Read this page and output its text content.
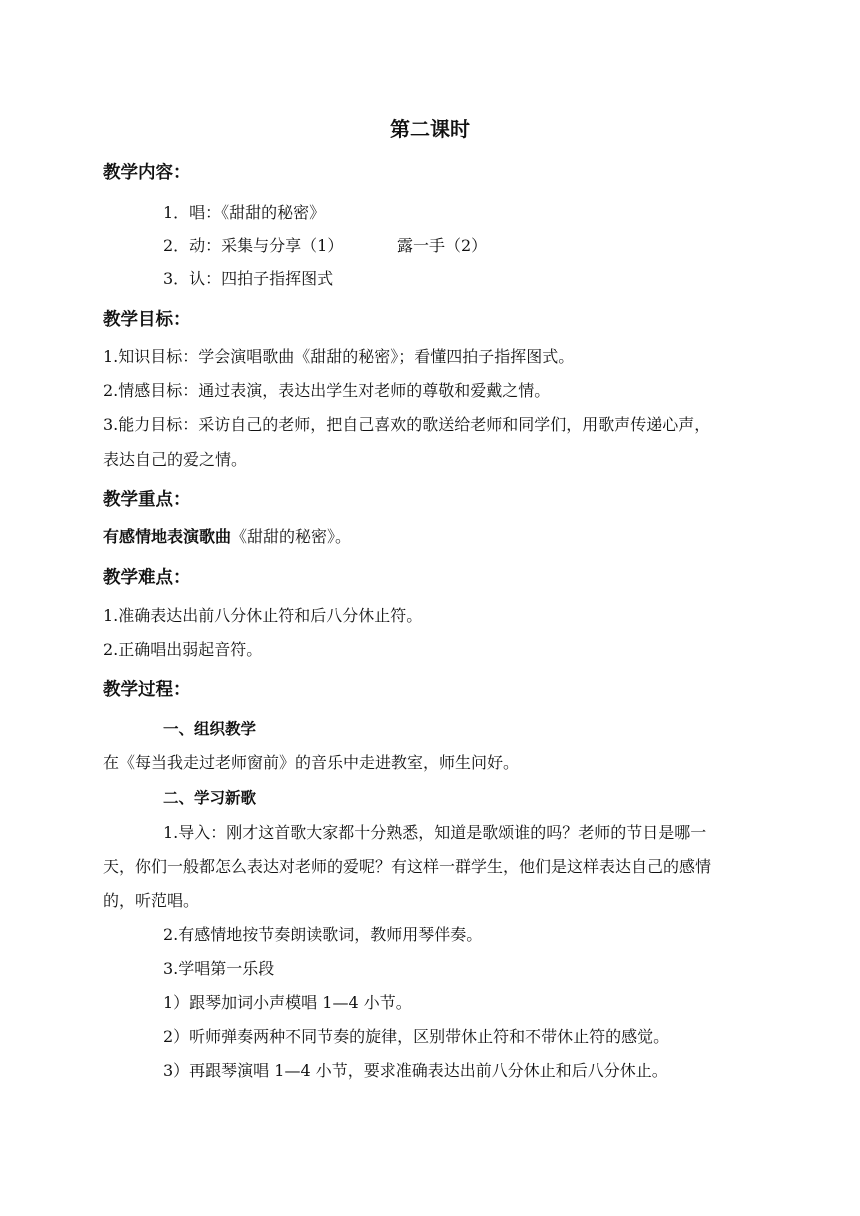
第二课时
教学内容：
1．唱：《甜甜的秘密》
2．动：采集与分享（1）	露一手（2）
3．认：四拍子指挥图式
教学目标：
1.知识目标：学会演唱歌曲《甜甜的秘密》；看懂四拍子指挥图式。
2.情感目标：通过表演，表达出学生对老师的尊敬和爱戴之情。
3.能力目标：采访自己的老师，把自己喜欢的歌送给老师和同学们，用歌声传递心声，
表达自己的爱之情。
教学重点：
有感情地表演歌曲《甜甜的秘密》。
教学难点：
1.准确表达出前八分休止符和后八分休止符。
2.正确唱出弱起音符。
教学过程：
一、组织教学
在《每当我走过老师窗前》的音乐中走进教室，师生问好。
二、学习新歌
1.导入：刚才这首歌大家都十分熟悉，知道是歌颂谁的吗？老师的节日是哪一
天，你们一般都怎么表达对老师的爱呢？有这样一群学生，他们是这样表达自己的感情
的，听范唱。
2.有感情地按节奏朗读歌词，教师用琴伴奏。
3.学唱第一乐段
1）跟琴加词小声模唱 1—4 小节。
2）听师弹奏两种不同节奏的旋律，区别带休止符和不带休止符的感觉。
3）再跟琴演唱 1—4 小节，要求准确表达出前八分休止和后八分休止。
